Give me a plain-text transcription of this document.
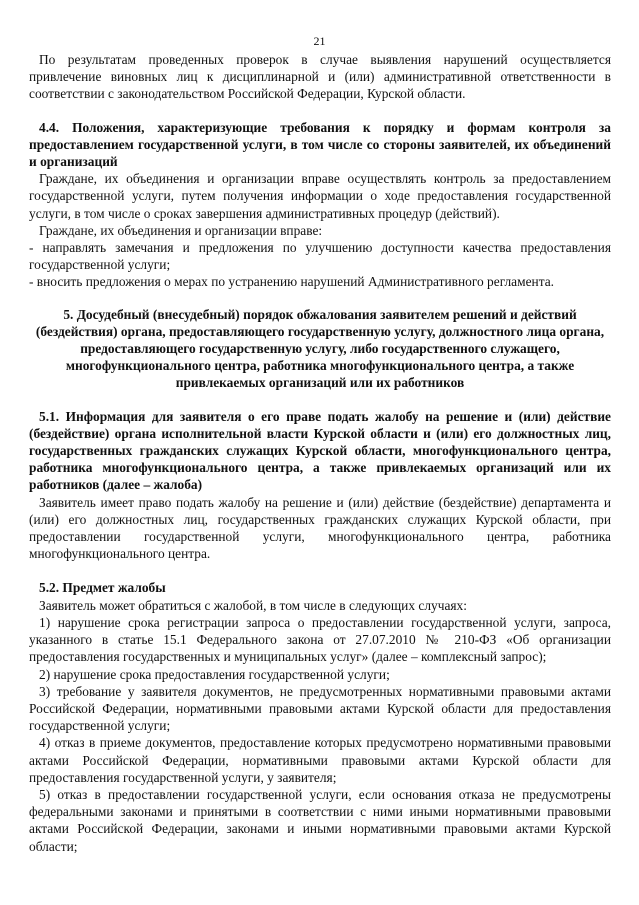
21

По результатам проведенных проверок в случае выявления нарушений осуществляется привлечение виновных лиц к дисциплинарной и (или) административной ответственности в соответствии с законодательством Российской Федерации, Курской области.

4.4. Положения, характеризующие требования к порядку и формам контроля за предоставлением государственной услуги, в том числе со стороны заявителей, их объединений и организаций

Граждане, их объединения и организации вправе осуществлять контроль за предоставлением государственной услуги, путем получения информации о ходе предоставления государственной услуги, в том числе о сроках завершения административных процедур (действий).

Граждане, их объединения и организации вправе:

- направлять замечания и предложения по улучшению доступности качества предоставления государственной услуги;

- вносить предложения о мерах по устранению нарушений Административного регламента.

5. Досудебный (внесудебный) порядок обжалования заявителем решений и действий (бездействия) органа, предоставляющего государственную услугу, должностного лица органа, предоставляющего государственную услугу, либо государственного служащего, многофункционального центра, работника многофункционального центра, а также привлекаемых организаций или их работников
5.1. Информация для заявителя о его праве подать жалобу на решение и (или) действие (бездействие) органа исполнительной власти Курской области и (или) его должностных лиц, государственных гражданских служащих Курской области, многофункционального центра, работника многофункционального центра, а также привлекаемых организаций или их работников (далее – жалоба)

Заявитель имеет право подать жалобу на решение и (или) действие (бездействие) департамента и (или) его должностных лиц, государственных гражданских служащих Курской области, при предоставлении государственной услуги, многофункционального центра, работника многофункционального центра.

5.2. Предмет жалобы

Заявитель может обратиться с жалобой, в том числе в следующих случаях:

1) нарушение срока регистрации запроса о предоставлении государственной услуги, запроса, указанного в статье 15.1 Федерального закона от 27.07.2010 № 210-ФЗ «Об организации предоставления государственных и муниципальных услуг» (далее – комплексный запрос);

2) нарушение срока предоставления государственной услуги;

3) требование у заявителя документов, не предусмотренных нормативными правовыми актами Российской Федерации, нормативными правовыми актами Курской области для предоставления государственной услуги;

4) отказ в приеме документов, предоставление которых предусмотрено нормативными правовыми актами Российской Федерации, нормативными правовыми актами Курской области для предоставления государственной услуги, у заявителя;

5) отказ в предоставлении государственной услуги, если основания отказа не предусмотрены федеральными законами и принятыми в соответствии с ними иными нормативными правовыми актами Российской Федерации, законами и иными нормативными правовыми актами Курской области;
